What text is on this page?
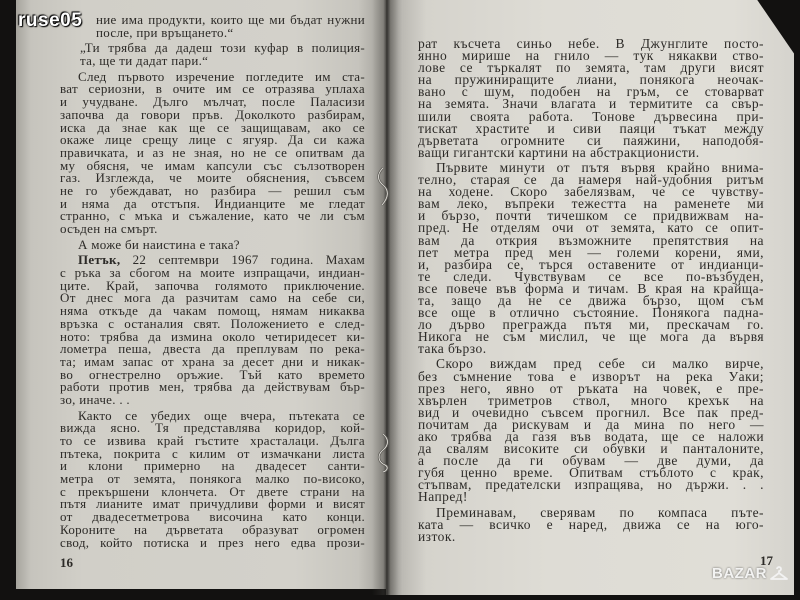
ние има продукти, които ще ми бъдат нужни
после, при връщането.“
„Ти трябва да дадеш този куфар в полиция-
та, ще ти дадат пари.“
След първото изречение погледите им ста-
ват сериозни, в очите им се отразява уплаха
и учудване. Дълго мълчат, после Паласизи
започва да говори пръв. Доколкото разбирам,
иска да знае как ще се защищавам, ако се
окаже лице срещу лице с ягуяр. Да си кажа
правичката, и аз не зная, но не се опитвам да
му обясня, че имам капсули със сълзотворен
газ. Изглежда, че моите обяснения, съвсем
не го убеждават, но разбира — решил съм
и няма да отстъпя. Индианците ме гледат
странно, с мъка и съжаление, като че ли съм
осъден на смърт.
А може би наистина е така?
Петък, 22 септември 1967 година. Махам
с ръка за сбогом на моите изпращачи, индиан-
ците. Край, започва голямото приключение.
От днес мога да разчитам само на себе си,
няма откъде да чакам помощ, нямам никаква
връзка с останалия свят. Положението е след-
ното: трябва да измина около четиридесет ки-
лометра пеша, двеста да преплувам по река-
та; имам запас от храна за десет дни и никак-
во огнестрелно оръжие. Тъй като времето
работи против мен, трябва да действувам бър-
зо, иначе. . .
Както се убедих още вчера, пътеката се
вижда ясно. Тя представлява коридор, кой-
то се извива край гъстите храсталаци. Дълга
пътека, покрита с килим от измачкани листа
и клони примерно на двадесет санти-
метра от земята, понякога малко по-високо,
с прекършени клончета. От двете страни на
пътя лианите имат причудливи форми и висят
от двадесетметрова височина като конци.
Короните на дърветата образуват огромен
свод, който потиска и през него едва прози-
рат късчета синьо небе. В Джунглите посто-
янно мирише на гнило — тук някакви ство-
лове се търкалят по земята, там други висят
на пружиниращите лиани, понякога неочак-
вано с шум, подобен на гръм, се стоварват
на земята. Значи влагата и термитите са свър-
шили своята работа. Тонове дървесина при-
тискат храстите и сиви паяци тъкат между
дърветата огромните си паяжини, наподобя-
ващи гигантски картини на абстракционисти.
Първите минути от пътя вървя крайно внима-
телно, старая се да намеря най-удобния ритъм
на ходене. Скоро забелязвам, че се чувству-
вам леко, въпреки тежестта на раменете ми
и бързо, почти тичешком се придвижвам на-
пред. Не отделям очи от земята, като се опит-
вам да открия възможните препятствия на
пет метра пред мен — големи корени, ями,
и, разбира се, търся оставените от индианци-
те следи. Чувствувам се все по-възбуден,
все повече във форма и тичам. В края на крайща-
та, защо да не се движа бързо, щом съм
все още в отлично състояние. Понякога падна-
ло дърво прегражда пътя ми, прескачам го.
Никога не съм мислил, че ще мога да вървя
така бързо.
Скоро виждам пред себе си малко вирче,
без съмнение това е изворът на река Уаки;
през него, явно от ръката на човек, е пре-
хвърлен триметров ствол, много крехък на
вид и очевидно съвсем прогнил. Все пак пред-
почитам да рискувам и да мина по него —
ако трябва да газя във водата, ще се наложи
да свалям високите си обувки и панталоните,
а после да ги обувам — две думи, да
губя ценно време. Опитвам стъблото с крак,
стъпвам, предателски изпращява, но държи. . .
Напред!
Преминавам, сверявам по компаса пъте-
ката — всичко е наред, движа се на юго-
изток.
16	17
ruse05
BAZAR
